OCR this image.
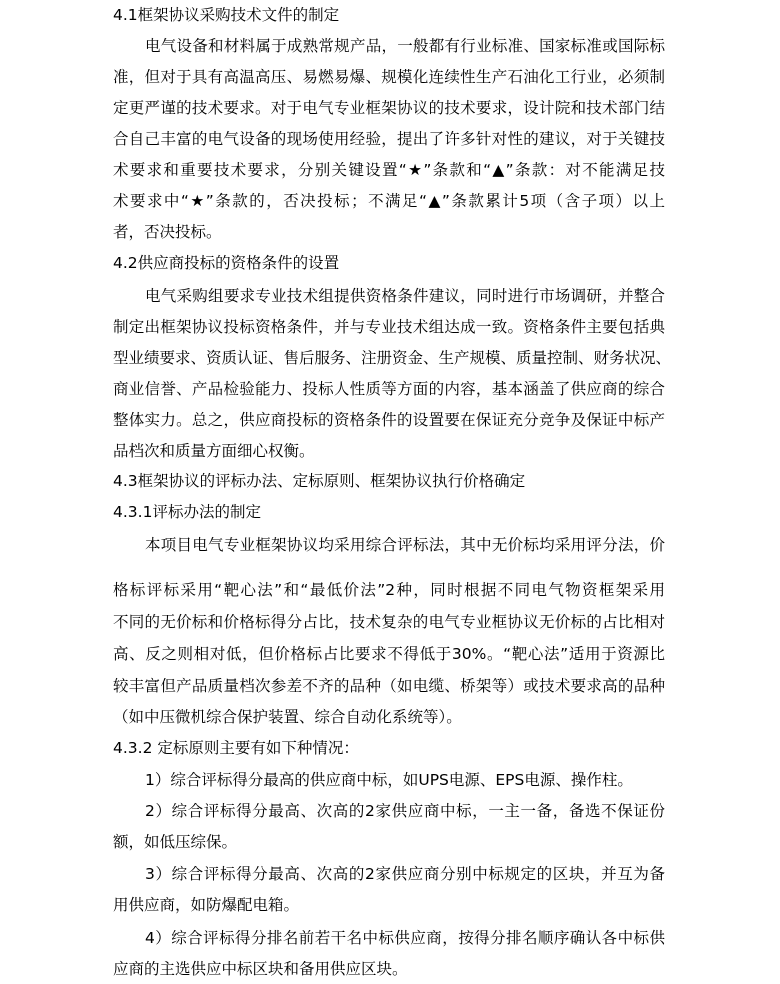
4.1框架协议采购技术文件的制定
电气设备和材料属于成熟常规产品，一般都有行业标准、国家标准或国际标
准，但对于具有高温高压、易燃易爆、规模化连续性生产石油化工行业，必须制
定更严谨的技术要求。对于电气专业框架协议的技术要求，设计院和技术部门结
合自己丰富的电气设备的现场使用经验，提出了许多针对性的建议，对于关键技
术要求和重要技术要求，分别关键设置“★”条款和“▲”条款：对不能满足技
术要求中“★”条款的，否决投标；不满足“▲”条款累计5项（含子项）以上
者，否决投标。
4.2供应商投标的资格条件的设置
电气采购组要求专业技术组提供资格条件建议，同时进行市场调研，并整合
制定出框架协议投标资格条件，并与专业技术组达成一致。资格条件主要包括典
型业绩要求、资质认证、售后服务、注册资金、生产规模、质量控制、财务状况、
商业信誉、产品检验能力、投标人性质等方面的内容，基本涵盖了供应商的综合
整体实力。总之，供应商投标的资格条件的设置要在保证充分竞争及保证中标产
品档次和质量方面细心权衡。
4.3框架协议的评标办法、定标原则、框架协议执行价格确定
4.3.1评标办法的制定
本项目电气专业框架协议均采用综合评标法，其中无价标均采用评分法，价
格标评标采用“靶心法”和“最低价法”2种，同时根据不同电气物资框架采用
不同的无价标和价格标得分占比，技术复杂的电气专业框协议无价标的占比相对
高、反之则相对低，但价格标占比要求不得低于30%。“靶心法”适用于资源比
较丰富但产品质量档次参差不齐的品种（如电缆、桥架等）或技术要求高的品种
（如中压微机综合保护装置、综合自动化系统等）。
4.3.2 定标原则主要有如下种情况：
1）综合评标得分最高的供应商中标，如UPS电源、EPS电源、操作柱。
2）综合评标得分最高、次高的2家供应商中标，一主一备，备选不保证份
额，如低压综保。
3）综合评标得分最高、次高的2家供应商分别中标规定的区块，并互为备
用供应商，如防爆配电箱。
4）综合评标得分排名前若干名中标供应商，按得分排名顺序确认各中标供
应商的主选供应中标区块和备用供应区块。
